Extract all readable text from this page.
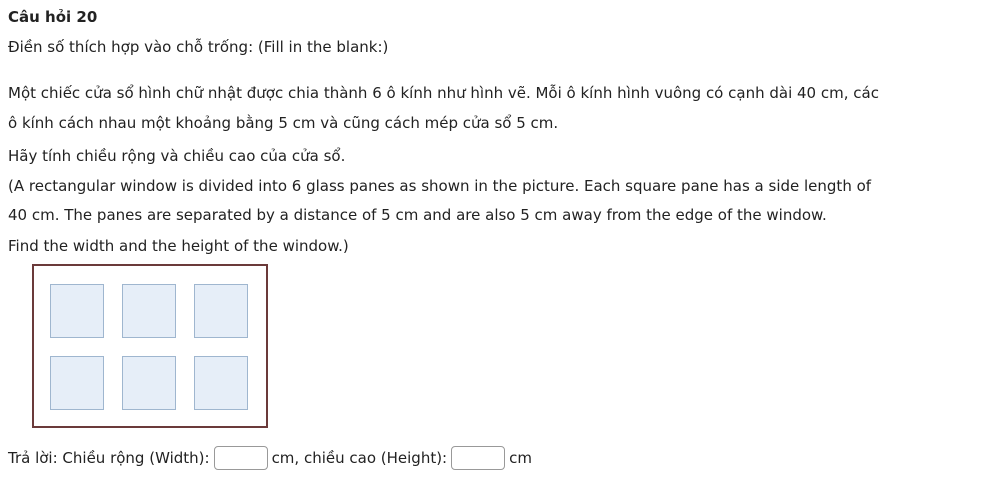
Câu hỏi 20
Điền số thích hợp vào chỗ trống: (Fill in the blank:)
Một chiếc cửa sổ hình chữ nhật được chia thành 6 ô kính như hình vẽ. Mỗi ô kính hình vuông có cạnh dài 40 cm, các
ô kính cách nhau một khoảng bằng 5 cm và cũng cách mép cửa sổ 5 cm.
Hãy tính chiều rộng và chiều cao của cửa sổ.
(A rectangular window is divided into 6 glass panes as shown in the picture. Each square pane has a side length of
40 cm. The panes are separated by a distance of 5 cm and are also 5 cm away from the edge of the window.
Find the width and the height of the window.)
Trả lời: Chiều rộng (Width):	cm, chiều cao (Height):	cm
